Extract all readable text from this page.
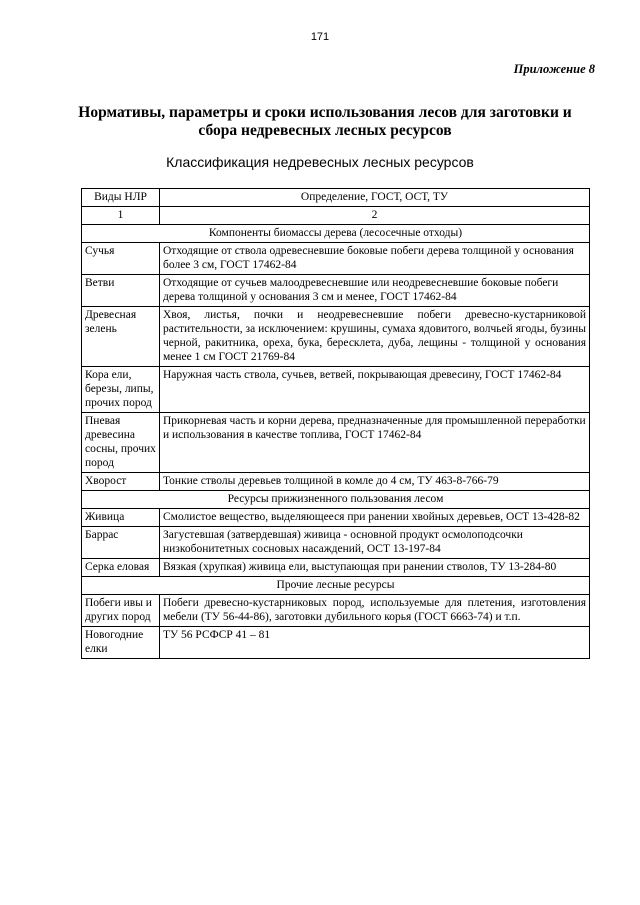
171
Приложение 8
Нормативы, параметры и сроки использования лесов для заготовки и
сбора недревесных лесных ресурсов
Классификация недревесных лесных ресурсов
Виды НЛР	Определение, ГОСТ, ОСТ, ТУ
1	2
Компоненты биомассы дерева (лесосечные отходы)	
Сучья	Отходящие от ствола одревесневшие боковые побеги дерева толщиной у основания более 3 см, ГОСТ 17462-84
Ветви	Отходящие от сучьев малоодревесневшие или неодревесневшие боковые побеги дерева толщиной у основания 3 см и менее, ГОСТ 17462-84
Древесная зелень	Хвоя, листья, почки и неодревесневшие побеги древесно-кустарниковой растительности, за исключением: крушины, сумаха ядовитого, волчьей ягоды, бузины черной, ракитника, ореха, бука, бересклета, дуба, лещины - толщиной у основания менее 1 см ГОСТ 21769-84
Кора ели, березы, липы, прочих пород	Наружная часть ствола, сучьев, ветвей, покрывающая древесину, ГОСТ 17462-84
Пневая древесина сосны, прочих пород	Прикорневая часть и корни дерева, предназначенные для промышленной переработки и использования в качестве топлива, ГОСТ 17462-84
Хворост	Тонкие стволы деревьев толщиной в комле до 4 см, ТУ 463-8-766-79
Ресурсы прижизненного пользования лесом	
Живица	Смолистое вещество, выделяющееся при ранении хвойных деревьев, ОСТ 13-428-82
Баррас	Загустевшая (затвердевшая) живица - основной продукт осмолоподсочки низкобонитетных сосновых насаждений, ОСТ 13-197-84
Серка еловая	Вязкая (хрупкая) живица ели, выступающая при ранении стволов, ТУ 13-284-80
Прочие лесные ресурсы	
Побеги ивы и других пород	Побеги древесно-кустарниковых пород, используемые для плетения, изготовления мебели (ТУ 56-44-86), заготовки дубильного корья (ГОСТ 6663-74) и т.п.
Новогодние елки	ТУ 56 РСФСР 41 – 81
